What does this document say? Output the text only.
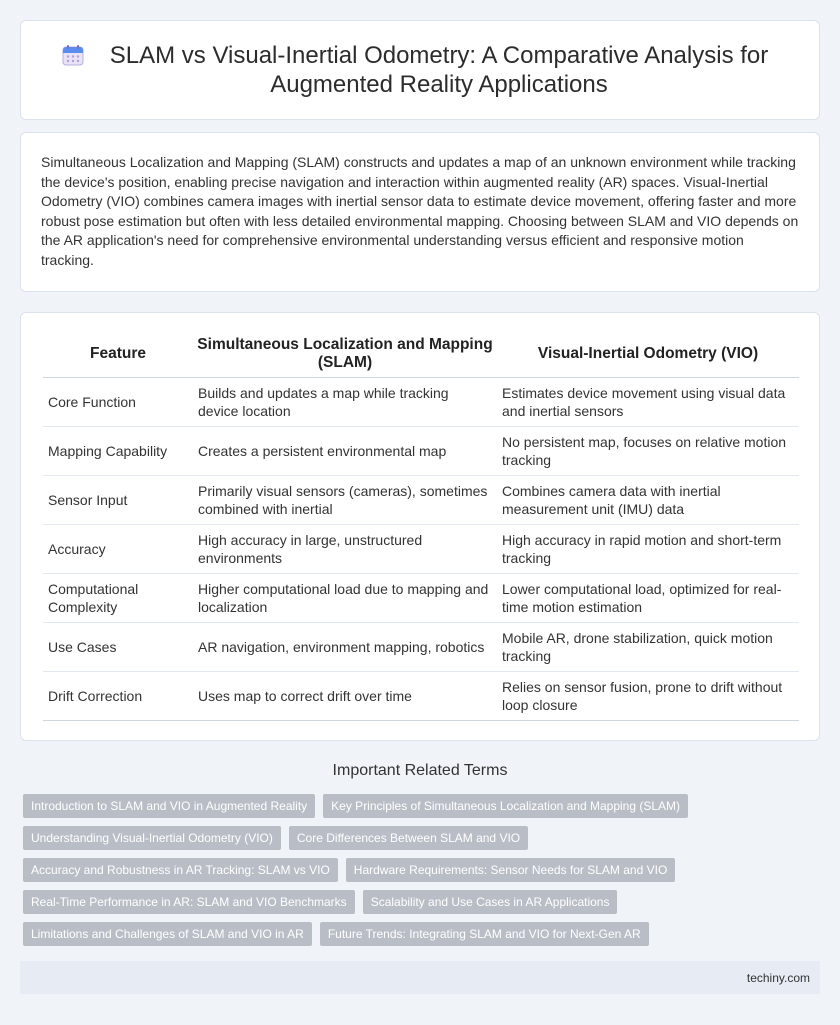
SLAM vs Visual-Inertial Odometry: A Comparative Analysis for Augmented Reality Applications

Simultaneous Localization and Mapping (SLAM) constructs and updates a map of an unknown environment while tracking the device's position, enabling precise navigation and interaction within augmented reality (AR) spaces. Visual-Inertial Odometry (VIO) combines camera images with inertial sensor data to estimate device movement, offering faster and more robust pose estimation but often with less detailed environmental mapping. Choosing between SLAM and VIO depends on the AR application's need for comprehensive environmental understanding versus efficient and responsive motion tracking.

Feature	Simultaneous Localization and Mapping (SLAM)	Visual-Inertial Odometry (VIO)
Core Function	Builds and updates a map while tracking device location	Estimates device movement using visual data and inertial sensors
Mapping Capability	Creates a persistent environmental map	No persistent map, focuses on relative motion tracking
Sensor Input	Primarily visual sensors (cameras), sometimes combined with inertial	Combines camera data with inertial measurement unit (IMU) data
Accuracy	High accuracy in large, unstructured environments	High accuracy in rapid motion and short-term tracking
Computational Complexity	Higher computational load due to mapping and localization	Lower computational load, optimized for real-time motion estimation
Use Cases	AR navigation, environment mapping, robotics	Mobile AR, drone stabilization, quick motion tracking
Drift Correction	Uses map to correct drift over time	Relies on sensor fusion, prone to drift without loop closure
Important Related Terms
Introduction to SLAM and VIO in Augmented Reality	Key Principles of Simultaneous Localization and Mapping (SLAM)
Understanding Visual-Inertial Odometry (VIO)	Core Differences Between SLAM and VIO
Accuracy and Robustness in AR Tracking: SLAM vs VIO	Hardware Requirements: Sensor Needs for SLAM and VIO
Real-Time Performance in AR: SLAM and VIO Benchmarks	Scalability and Use Cases in AR Applications
Limitations and Challenges of SLAM and VIO in AR	Future Trends: Integrating SLAM and VIO for Next-Gen AR
techiny.com
